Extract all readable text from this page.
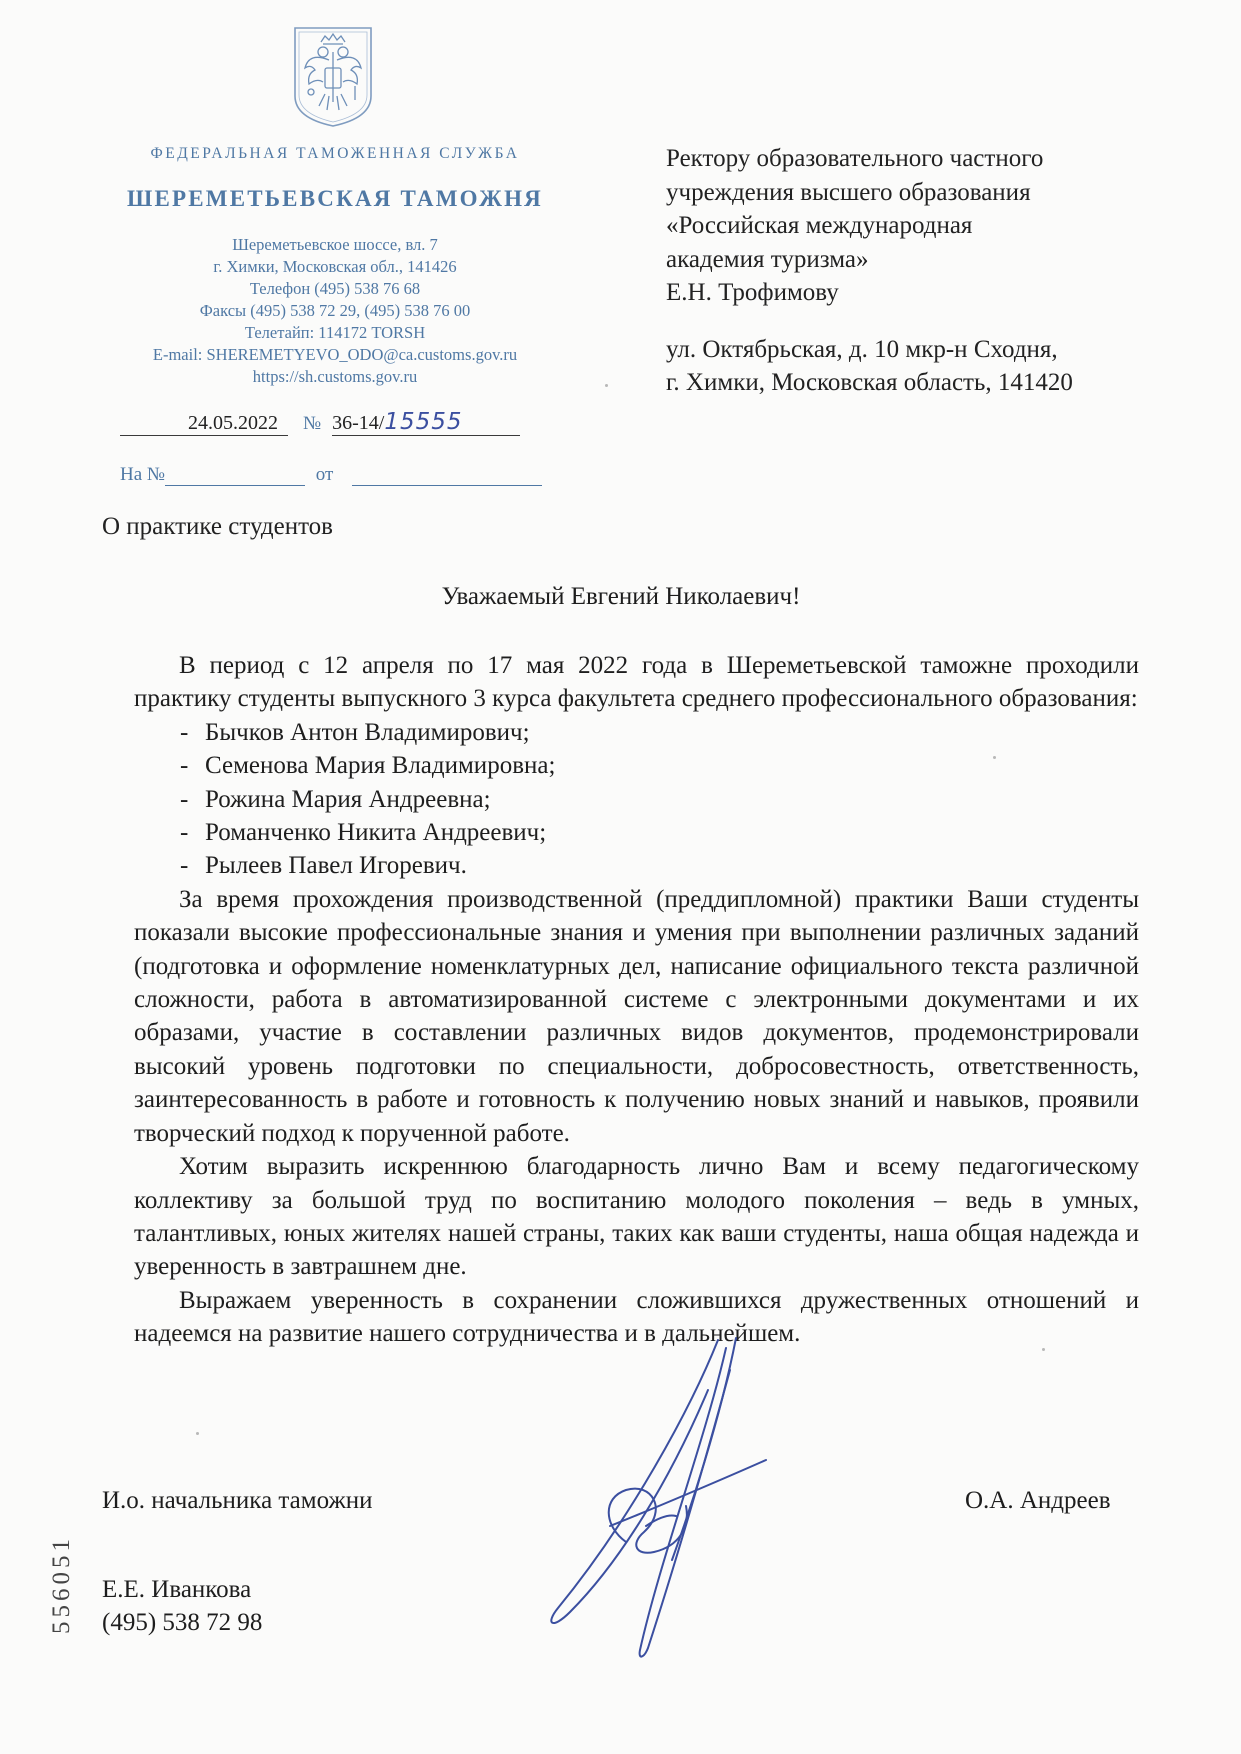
ФЕДЕРАЛЬНАЯ ТАМОЖЕННАЯ СЛУЖБА
ШЕРЕМЕТЬЕВСКАЯ ТАМОЖНЯ
Шереметьевское шоссе, вл. 7
г. Химки, Московская обл., 141426
Телефон (495) 538 76 68
Факсы (495) 538 72 29, (495) 538 76 00
Телетайп: 114172 TORSH
E-mail: SHEREMETYEVO_ODO@ca.customs.gov.ru
https://sh.customs.gov.ru
24.05.2022 № 36-14/15555
На №	от
Ректору образовательного частного
учреждения высшего образования
«Российская международная
академия туризма»
Е.Н. Трофимову
ул. Октябрьская, д. 10 мкр-н Сходня,
г. Химки, Московская область, 141420
О практике студентов
Уважаемый Евгений Николаевич!

В период с 12 апреля по 17 мая 2022 года в Шереметьевской таможне проходили практику студенты выпускного 3 курса факультета среднего профессионального образования:

- Бычков Антон Владимирович;
- Семенова Мария Владимировна;
- Рожина Мария Андреевна;
- Романченко Никита Андреевич;
- Рылеев Павел Игоревич.

За время прохождения производственной (преддипломной) практики Ваши студенты показали высокие профессиональные знания и умения при выполнении различных заданий (подготовка и оформление номенклатурных дел, написание официального текста различной сложности, работа в автоматизированной системе с электронными документами и их образами, участие в составлении различных видов документов, продемонстрировали высокий уровень подготовки по специальности, добросовестность, ответственность, заинтересованность в работе и готовность к получению новых знаний и навыков, проявили творческий подход к порученной работе.

Хотим выразить искреннюю благодарность лично Вам и всему педагогическому коллективу за большой труд по воспитанию молодого поколения – ведь в умных, талантливых, юных жителях нашей страны, таких как ваши студенты, наша общая надежда и уверенность в завтрашнем дне.

Выражаем уверенность в сохранении сложившихся дружественных отношений и надеемся на развитие нашего сотрудничества и в дальнейшем.

И.о. начальника таможни	О.А. Андреев
Е.Е. Иванкова
(495) 538 72 98
556051
